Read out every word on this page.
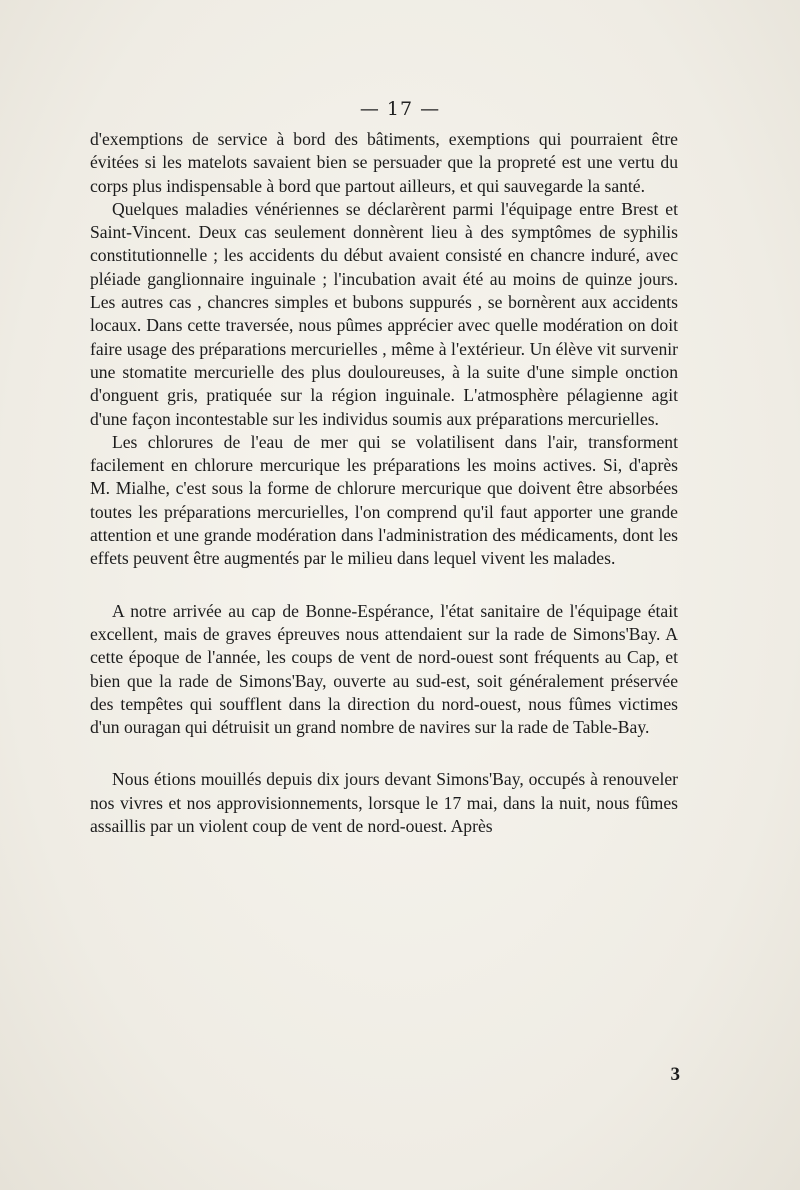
— 17 —

d'exemptions de service à bord des bâtiments, exemptions qui pourraient être évitées si les matelots savaient bien se persuader que la propreté est une vertu du corps plus indispensable à bord que partout ailleurs, et qui sauvegarde la santé.

Quelques maladies vénériennes se déclarèrent parmi l'équipage entre Brest et Saint-Vincent. Deux cas seulement donnèrent lieu à des symptômes de syphilis constitutionnelle ; les accidents du début avaient consisté en chancre induré, avec pléiade ganglionnaire inguinale ; l'incubation avait été au moins de quinze jours. Les autres cas , chancres simples et bubons suppurés , se bornèrent aux accidents locaux. Dans cette traversée, nous pûmes apprécier avec quelle modération on doit faire usage des préparations mercurielles , même à l'extérieur. Un élève vit survenir une stomatite mercurielle des plus douloureuses, à la suite d'une simple onction d'onguent gris, pratiquée sur la région inguinale. L'atmosphère pélagienne agit d'une façon incontestable sur les individus soumis aux préparations mercurielles.

Les chlorures de l'eau de mer qui se volatilisent dans l'air, transforment facilement en chlorure mercurique les préparations les moins actives. Si, d'après M. Mialhe, c'est sous la forme de chlorure mercurique que doivent être absorbées toutes les préparations mercurielles, l'on comprend qu'il faut apporter une grande attention et une grande modération dans l'administration des médicaments, dont les effets peuvent être augmentés par le milieu dans lequel vivent les malades.

A notre arrivée au cap de Bonne-Espérance, l'état sanitaire de l'équipage était excellent, mais de graves épreuves nous attendaient sur la rade de Simons'Bay. A cette époque de l'année, les coups de vent de nord-ouest sont fréquents au Cap, et bien que la rade de Simons'Bay, ouverte au sud-est, soit généralement préservée des tempêtes qui soufflent dans la direction du nord-ouest, nous fûmes victimes d'un ouragan qui détruisit un grand nombre de navires sur la rade de Table-Bay.

Nous étions mouillés depuis dix jours devant Simons'Bay, occupés à renouveler nos vivres et nos approvisionnements, lorsque le 17 mai, dans la nuit, nous fûmes assaillis par un violent coup de vent de nord-ouest. Après

3
